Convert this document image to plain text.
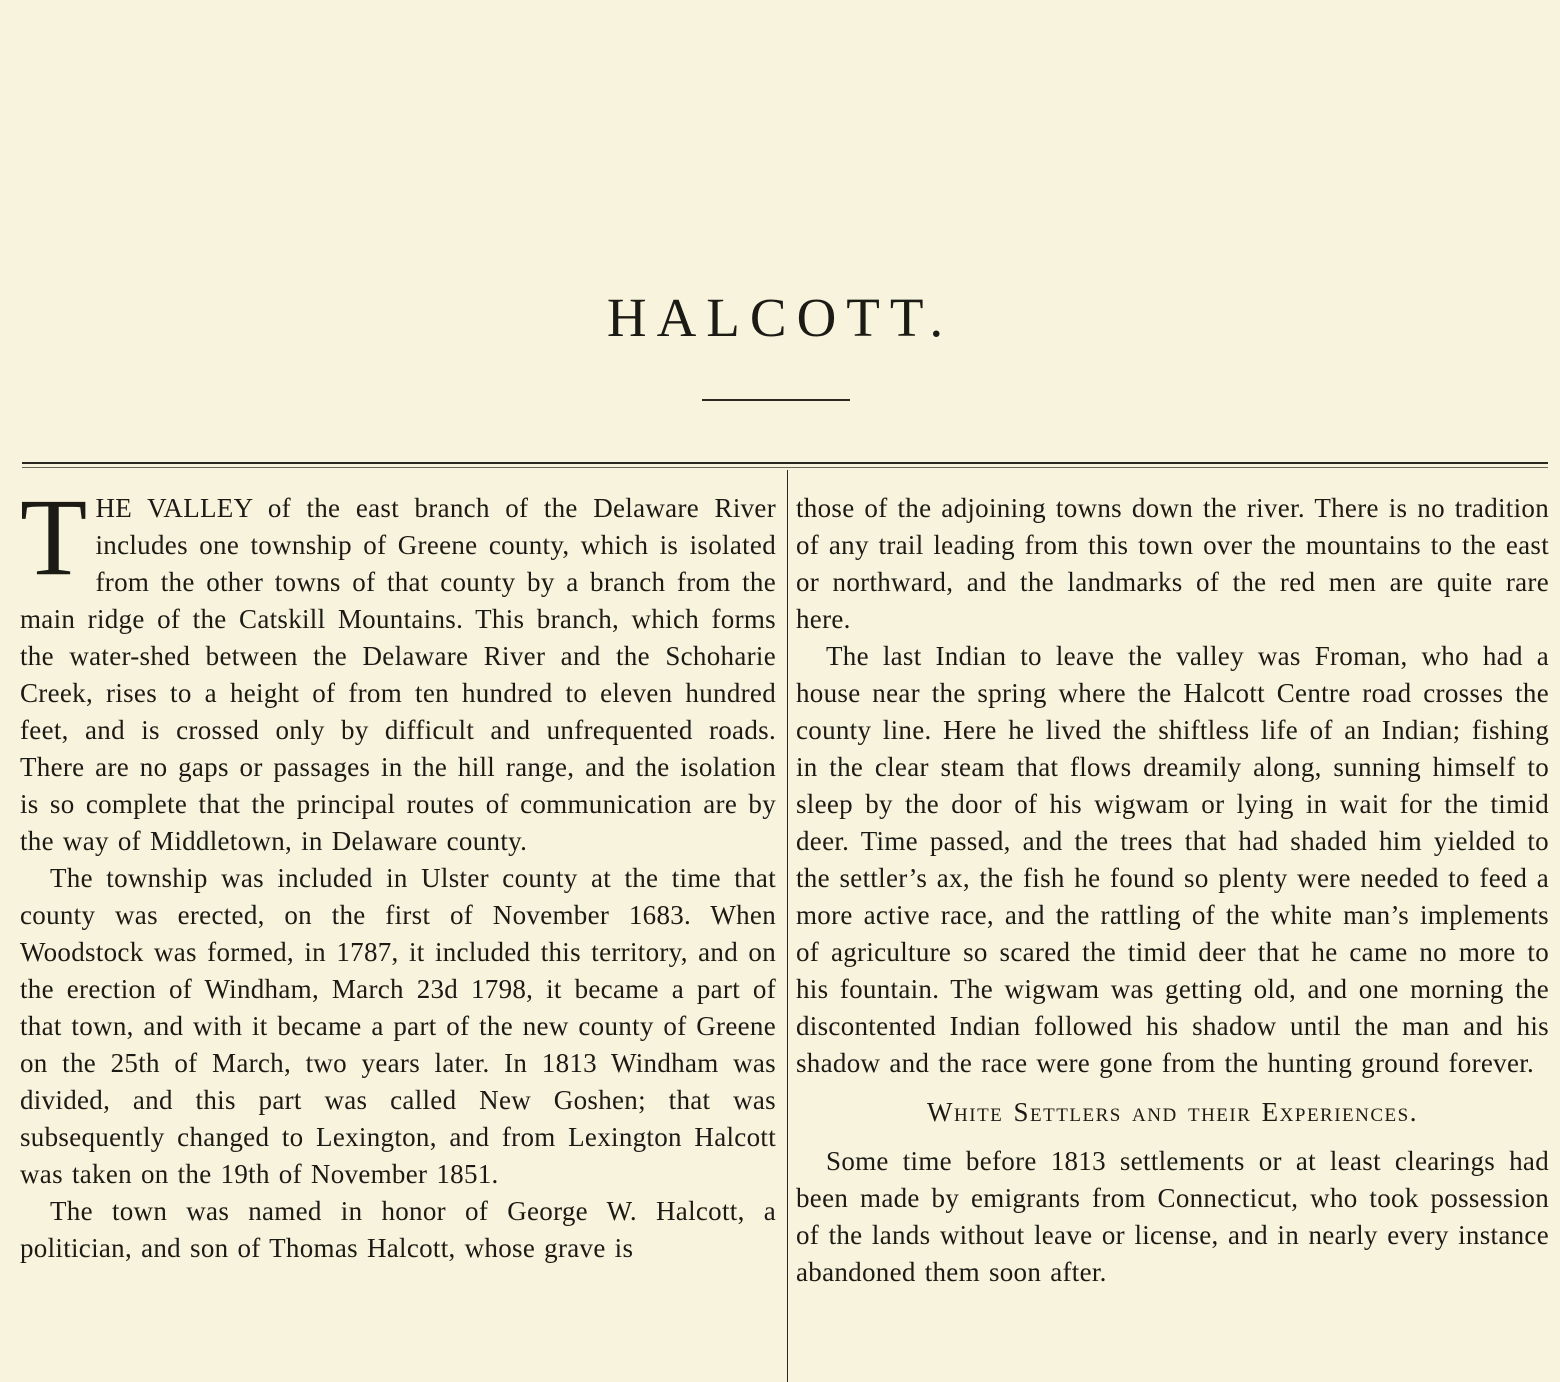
HALCOTT.

THE VALLEY of the east branch of the Delaware River includes one township of Greene county, which is isolated from the other towns of that county by a branch from the main ridge of the Catskill Mountains. This branch, which forms the water-shed between the Delaware River and the Schoharie Creek, rises to a height of from ten hundred to eleven hundred feet, and is crossed only by difficult and unfrequented roads. There are no gaps or passages in the hill range, and the isolation is so complete that the principal routes of communication are by the way of Middletown, in Delaware county.

The township was included in Ulster county at the time that county was erected, on the first of November 1683. When Woodstock was formed, in 1787, it included this territory, and on the erection of Windham, March 23d 1798, it became a part of that town, and with it became a part of the new county of Greene on the 25th of March, two years later. In 1813 Windham was divided, and this part was called New Goshen; that was subsequently changed to Lexington, and from Lexington Halcott was taken on the 19th of November 1851.

The town was named in honor of George W. Halcott, a politician, and son of Thomas Halcott, whose grave is

those of the adjoining towns down the river. There is no tradition of any trail leading from this town over the mountains to the east or northward, and the landmarks of the red men are quite rare here.

The last Indian to leave the valley was Froman, who had a house near the spring where the Halcott Centre road crosses the county line. Here he lived the shiftless life of an Indian; fishing in the clear steam that flows dreamily along, sunning himself to sleep by the door of his wigwam or lying in wait for the timid deer. Time passed, and the trees that had shaded him yielded to the settler’s ax, the fish he found so plenty were needed to feed a more active race, and the rattling of the white man’s implements of agriculture so scared the timid deer that he came no more to his fountain. The wigwam was getting old, and one morning the discontented Indian followed his shadow until the man and his shadow and the race were gone from the hunting ground forever.

White Settlers and their Experiences.

Some time before 1813 settlements or at least clearings had been made by emigrants from Connecticut, who took possession of the lands without leave or license, and in nearly every instance abandoned them soon after.
